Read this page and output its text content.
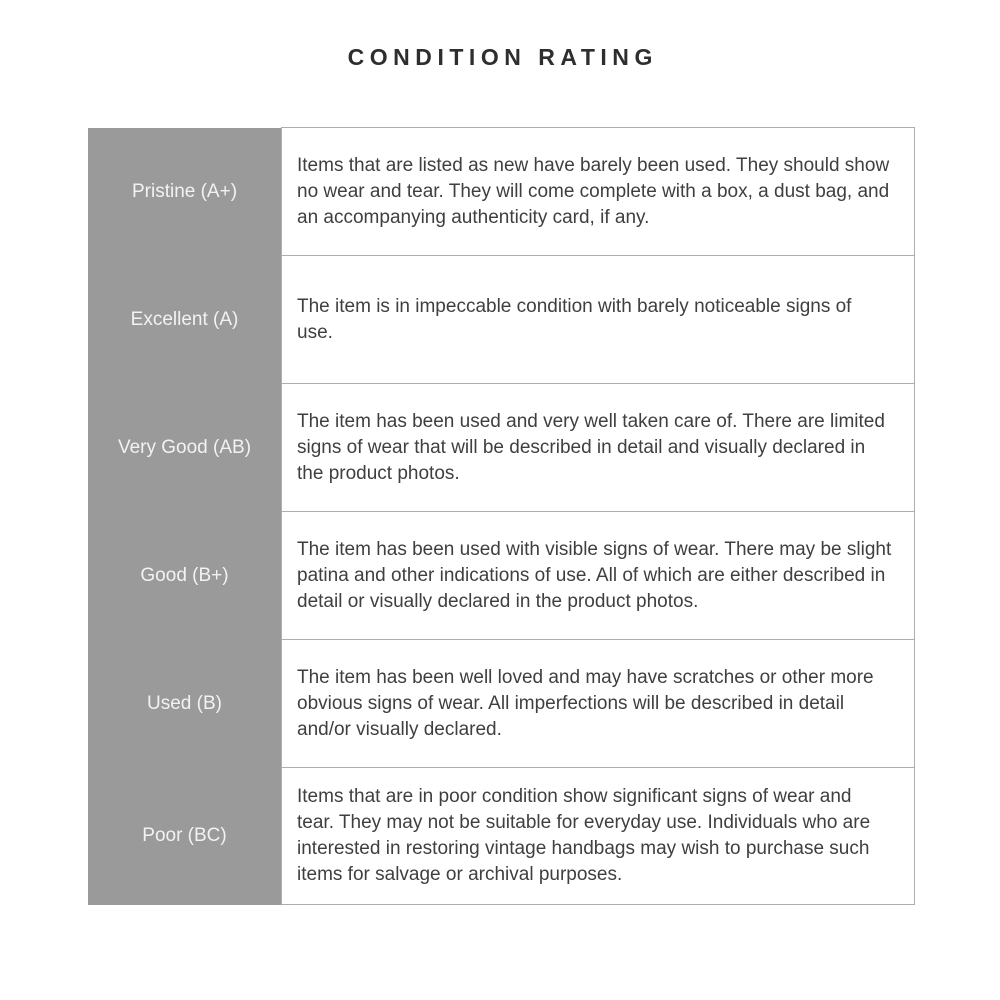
CONDITION RATING
Pristine (A+)	Items that are listed as new have barely been used. They should show no wear and tear. They will come complete with a box, a dust bag, and an accompanying authenticity card, if any.
Excellent (A)	The item is in impeccable condition with barely noticeable signs of use.
Very Good (AB)	The item has been used and very well taken care of. There are limited signs of wear that will be described in detail and visually declared in the product photos.
Good (B+)	The item has been used with visible signs of wear. There may be slight patina and other indications of use. All of which are either described in detail or visually declared in the product photos.
Used (B)	The item has been well loved and may have scratches or other more obvious signs of wear. All imperfections will be described in detail and/or visually declared.
Poor (BC)	Items that are in poor condition show significant signs of wear and tear. They may not be suitable for everyday use. Individuals who are interested in restoring vintage handbags may wish to purchase such items for salvage or archival purposes.
